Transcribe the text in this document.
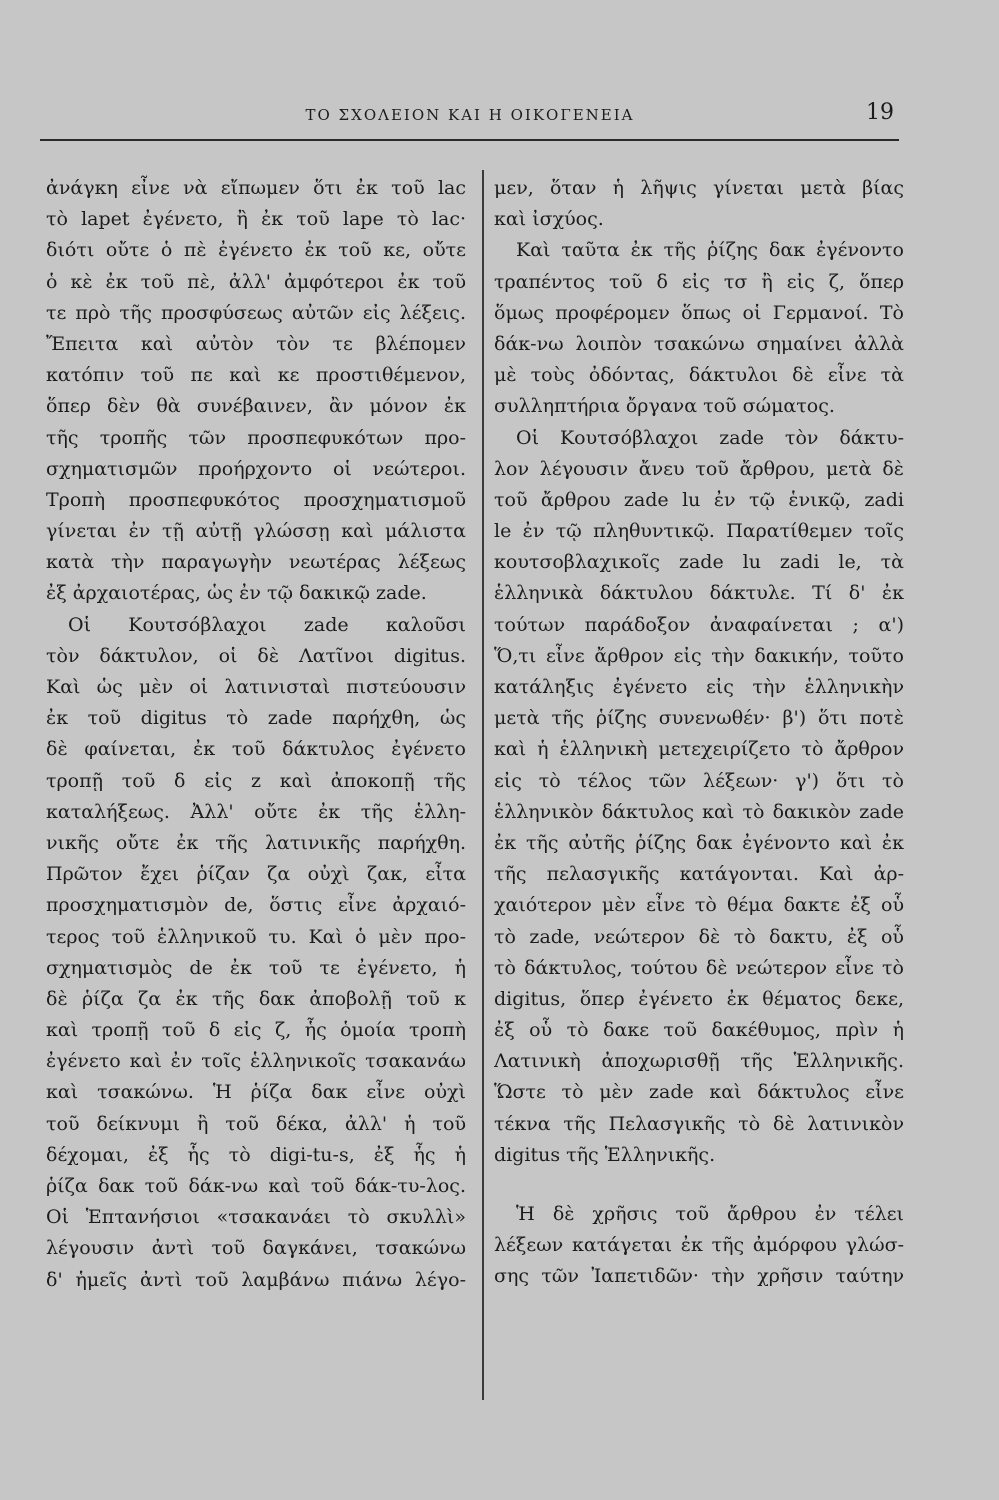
ΤΟ ΣΧΟΛΕΙΟΝ ΚΑΙ Η ΟΙΚΟΓΕΝΕΙΑ	19
ἀνάγκη εἶνε νὰ εἴπωμεν ὅτι ἐκ τοῦ lac
τὸ lapet ἐγένετο, ἢ ἐκ τοῦ lape τὸ lac·
διότι οὔτε ὁ πὲ ἐγένετο ἐκ τοῦ κε, οὔτε
ὁ κὲ ἐκ τοῦ πὲ, ἀλλ' ἀμφότεροι ἐκ τοῦ
τε πρὸ τῆς προσφύσεως αὐτῶν εἰς λέξεις.
Ἔπειτα καὶ αὐτὸν τὸν τε βλέπομεν
κατόπιν τοῦ πε καὶ κε προστιθέμενον,
ὅπερ δὲν θὰ συνέβαινεν, ἂν μόνον ἐκ
τῆς τροπῆς τῶν προσπεφυκότων προ-
σχηματισμῶν προήρχοντο οἱ νεώτεροι.
Τροπὴ προσπεφυκότος προσχηματισμοῦ
γίνεται ἐν τῇ αὐτῇ γλώσσῃ καὶ μάλιστα
κατὰ τὴν παραγωγὴν νεωτέρας λέξεως
ἐξ ἀρχαιοτέρας, ὡς ἐν τῷ δακικῷ zade.
Οἱ Κουτσόβλαχοι zade καλοῦσι
τὸν δάκτυλον, οἱ δὲ Λατῖνοι digitus.
Καὶ ὡς μὲν οἱ λατινισταὶ πιστεύουσιν
ἐκ τοῦ digitus τὸ zade παρήχθη, ὡς
δὲ φαίνεται, ἐκ τοῦ δάκτυλος ἐγένετο
τροπῇ τοῦ δ εἰς z καὶ ἀποκοπῇ τῆς
καταλήξεως. Ἀλλ' οὔτε ἐκ τῆς ἑλλη-
νικῆς οὔτε ἐκ τῆς λατινικῆς παρήχθη.
Πρῶτον ἔχει ῥίζαν ζα οὐχὶ ζακ, εἶτα
προσχηματισμὸν de, ὅστις εἶνε ἀρχαιό-
τερος τοῦ ἑλληνικοῦ τυ. Καὶ ὁ μὲν προ-
σχηματισμὸς de ἐκ τοῦ τε ἐγένετο, ἡ
δὲ ῥίζα ζα ἐκ τῆς δακ ἀποβολῇ τοῦ κ
καὶ τροπῇ τοῦ δ εἰς ζ, ἧς ὁμοία τροπὴ
ἐγένετο καὶ ἐν τοῖς ἑλληνικοῖς τσακανάω
καὶ τσακώνω. Ἡ ῥίζα δακ εἶνε οὐχὶ
τοῦ δείκνυμι ἢ τοῦ δέκα, ἀλλ' ἡ τοῦ
δέχομαι, ἐξ ἧς τὸ digi-tu-s, ἐξ ἧς ἡ
ῥίζα δακ τοῦ δάκ-νω καὶ τοῦ δάκ-τυ-λος.
Οἱ Ἑπτανήσιοι «τσακανάει τὸ σκυλλὶ»
λέγουσιν ἀντὶ τοῦ δαγκάνει, τσακώνω
δ' ἡμεῖς ἀντὶ τοῦ λαμβάνω πιάνω λέγο-
μεν, ὅταν ἡ λῆψις γίνεται μετὰ βίας
καὶ ἰσχύος.
Καὶ ταῦτα ἐκ τῆς ῥίζης δακ ἐγένοντο
τραπέντος τοῦ δ εἰς τσ ἢ εἰς ζ, ὅπερ
ὅμως προφέρομεν ὅπως οἱ Γερμανοί. Τὸ
δάκ-νω λοιπὸν τσακώνω σημαίνει ἀλλὰ
μὲ τοὺς ὀδόντας, δάκτυλοι δὲ εἶνε τὰ
συλληπτήρια ὄργανα τοῦ σώματος.
Οἱ Κουτσόβλαχοι zade τὸν δάκτυ-
λον λέγουσιν ἄνευ τοῦ ἄρθρου, μετὰ δὲ
τοῦ ἄρθρου zade lu ἐν τῷ ἑνικῷ, zadi
le ἐν τῷ πληθυντικῷ. Παρατίθεμεν τοῖς
κουτσοβλαχικοῖς zade lu zadi le, τὰ
ἑλληνικὰ δάκτυλου δάκτυλε. Τί δ' ἐκ
τούτων παράδοξον ἀναφαίνεται ; α')
Ὅ,τι εἶνε ἄρθρον εἰς τὴν δακικήν, τοῦτο
κατάληξις ἐγένετο εἰς τὴν ἑλληνικὴν
μετὰ τῆς ῥίζης συνενωθέν· β') ὅτι ποτὲ
καὶ ἡ ἑλληνικὴ μετεχειρίζετο τὸ ἄρθρον
εἰς τὸ τέλος τῶν λέξεων· γ') ὅτι τὸ
ἑλληνικὸν δάκτυλος καὶ τὸ δακικὸν zade
ἐκ τῆς αὐτῆς ῥίζης δακ ἐγένοντο καὶ ἐκ
τῆς πελασγικῆς κατάγονται. Καὶ ἀρ-
χαιότερον μὲν εἶνε τὸ θέμα δακτε ἐξ οὗ
τὸ zade, νεώτερον δὲ τὸ δακτυ, ἐξ οὗ
τὸ δάκτυλος, τούτου δὲ νεώτερον εἶνε τὸ
digitus, ὅπερ ἐγένετο ἐκ θέματος δεκε,
ἐξ οὗ τὸ δακε τοῦ δακέθυμος, πρὶν ἡ
Λατινικὴ ἀποχωρισθῇ τῆς Ἑλληνικῆς.
Ὥστε τὸ μὲν zade καὶ δάκτυλος εἶνε
τέκνα τῆς Πελασγικῆς τὸ δὲ λατινικὸν
digitus τῆς Ἑλληνικῆς.
Ἡ δὲ χρῆσις τοῦ ἄρθρου ἐν τέλει
λέξεων κατάγεται ἐκ τῆς ἀμόρφου γλώσ-
σης τῶν Ἰαπετιδῶν· τὴν χρῆσιν ταύτην
